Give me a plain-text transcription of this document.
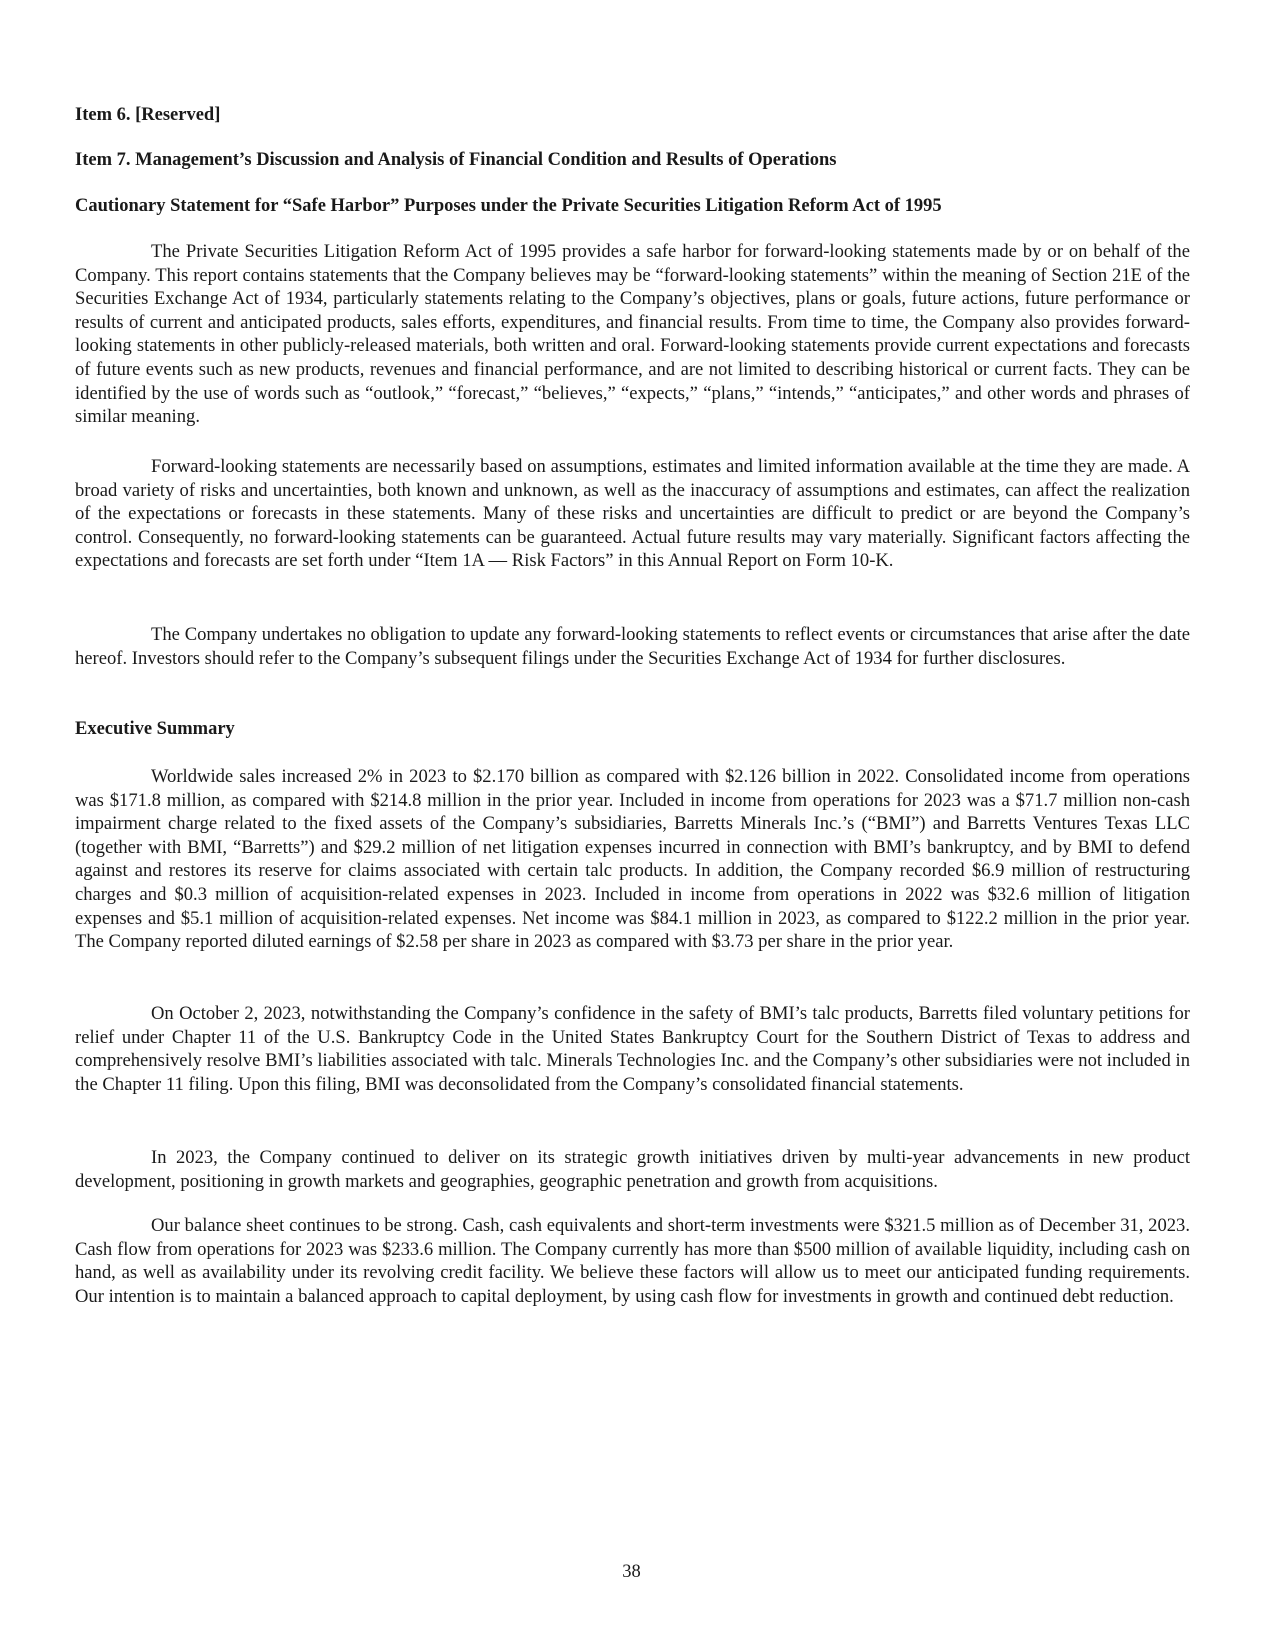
Item 6. [Reserved]
Item 7. Management’s Discussion and Analysis of Financial Condition and Results of Operations
Cautionary Statement for “Safe Harbor” Purposes under the Private Securities Litigation Reform Act of 1995

The Private Securities Litigation Reform Act of 1995 provides a safe harbor for forward-looking statements made by or on behalf of the Company. This report contains statements that the Company believes may be “forward-looking statements” within the meaning of Section 21E of the Securities Exchange Act of 1934, particularly statements relating to the Company’s objectives, plans or goals, future actions, future performance or results of current and anticipated products, sales efforts, expenditures, and financial results. From time to time, the Company also provides forward-looking statements in other publicly-released materials, both written and oral. Forward-looking statements provide current expectations and forecasts of future events such as new products, revenues and financial performance, and are not limited to describing historical or current facts. They can be identified by the use of words such as “outlook,” “forecast,” “believes,” “expects,” “plans,” “intends,” “anticipates,” and other words and phrases of similar meaning.

Forward-looking statements are necessarily based on assumptions, estimates and limited information available at the time they are made. A broad variety of risks and uncertainties, both known and unknown, as well as the inaccuracy of assumptions and estimates, can affect the realization of the expectations or forecasts in these statements. Many of these risks and uncertainties are difficult to predict or are beyond the Company’s control. Consequently, no forward-looking statements can be guaranteed. Actual future results may vary materially. Significant factors affecting the expectations and forecasts are set forth under “Item 1A — Risk Factors” in this Annual Report on Form 10-K.

The Company undertakes no obligation to update any forward-looking statements to reflect events or circumstances that arise after the date hereof. Investors should refer to the Company’s subsequent filings under the Securities Exchange Act of 1934 for further disclosures.

Executive Summary

Worldwide sales increased 2% in 2023 to $2.170 billion as compared with $2.126 billion in 2022. Consolidated income from operations was $171.8 million, as compared with $214.8 million in the prior year. Included in income from operations for 2023 was a $71.7 million non-cash impairment charge related to the fixed assets of the Company’s subsidiaries, Barretts Minerals Inc.’s (“BMI”) and Barretts Ventures Texas LLC (together with BMI, “Barretts”) and $29.2 million of net litigation expenses incurred in connection with BMI’s bankruptcy, and by BMI to defend against and restores its reserve for claims associated with certain talc products. In addition, the Company recorded $6.9 million of restructuring charges and $0.3 million of acquisition-related expenses in 2023. Included in income from operations in 2022 was $32.6 million of litigation expenses and $5.1 million of acquisition-related expenses. Net income was $84.1 million in 2023, as compared to $122.2 million in the prior year. The Company reported diluted earnings of $2.58 per share in 2023 as compared with $3.73 per share in the prior year.

On October 2, 2023, notwithstanding the Company’s confidence in the safety of BMI’s talc products, Barretts filed voluntary petitions for relief under Chapter 11 of the U.S. Bankruptcy Code in the United States Bankruptcy Court for the Southern District of Texas to address and comprehensively resolve BMI’s liabilities associated with talc. Minerals Technologies Inc. and the Company’s other subsidiaries were not included in the Chapter 11 filing. Upon this filing, BMI was deconsolidated from the Company’s consolidated financial statements.

In 2023, the Company continued to deliver on its strategic growth initiatives driven by multi-year advancements in new product development, positioning in growth markets and geographies, geographic penetration and growth from acquisitions.

Our balance sheet continues to be strong. Cash, cash equivalents and short-term investments were $321.5 million as of December 31, 2023. Cash flow from operations for 2023 was $233.6 million. The Company currently has more than $500 million of available liquidity, including cash on hand, as well as availability under its revolving credit facility. We believe these factors will allow us to meet our anticipated funding requirements. Our intention is to maintain a balanced approach to capital deployment, by using cash flow for investments in growth and continued debt reduction.

38
